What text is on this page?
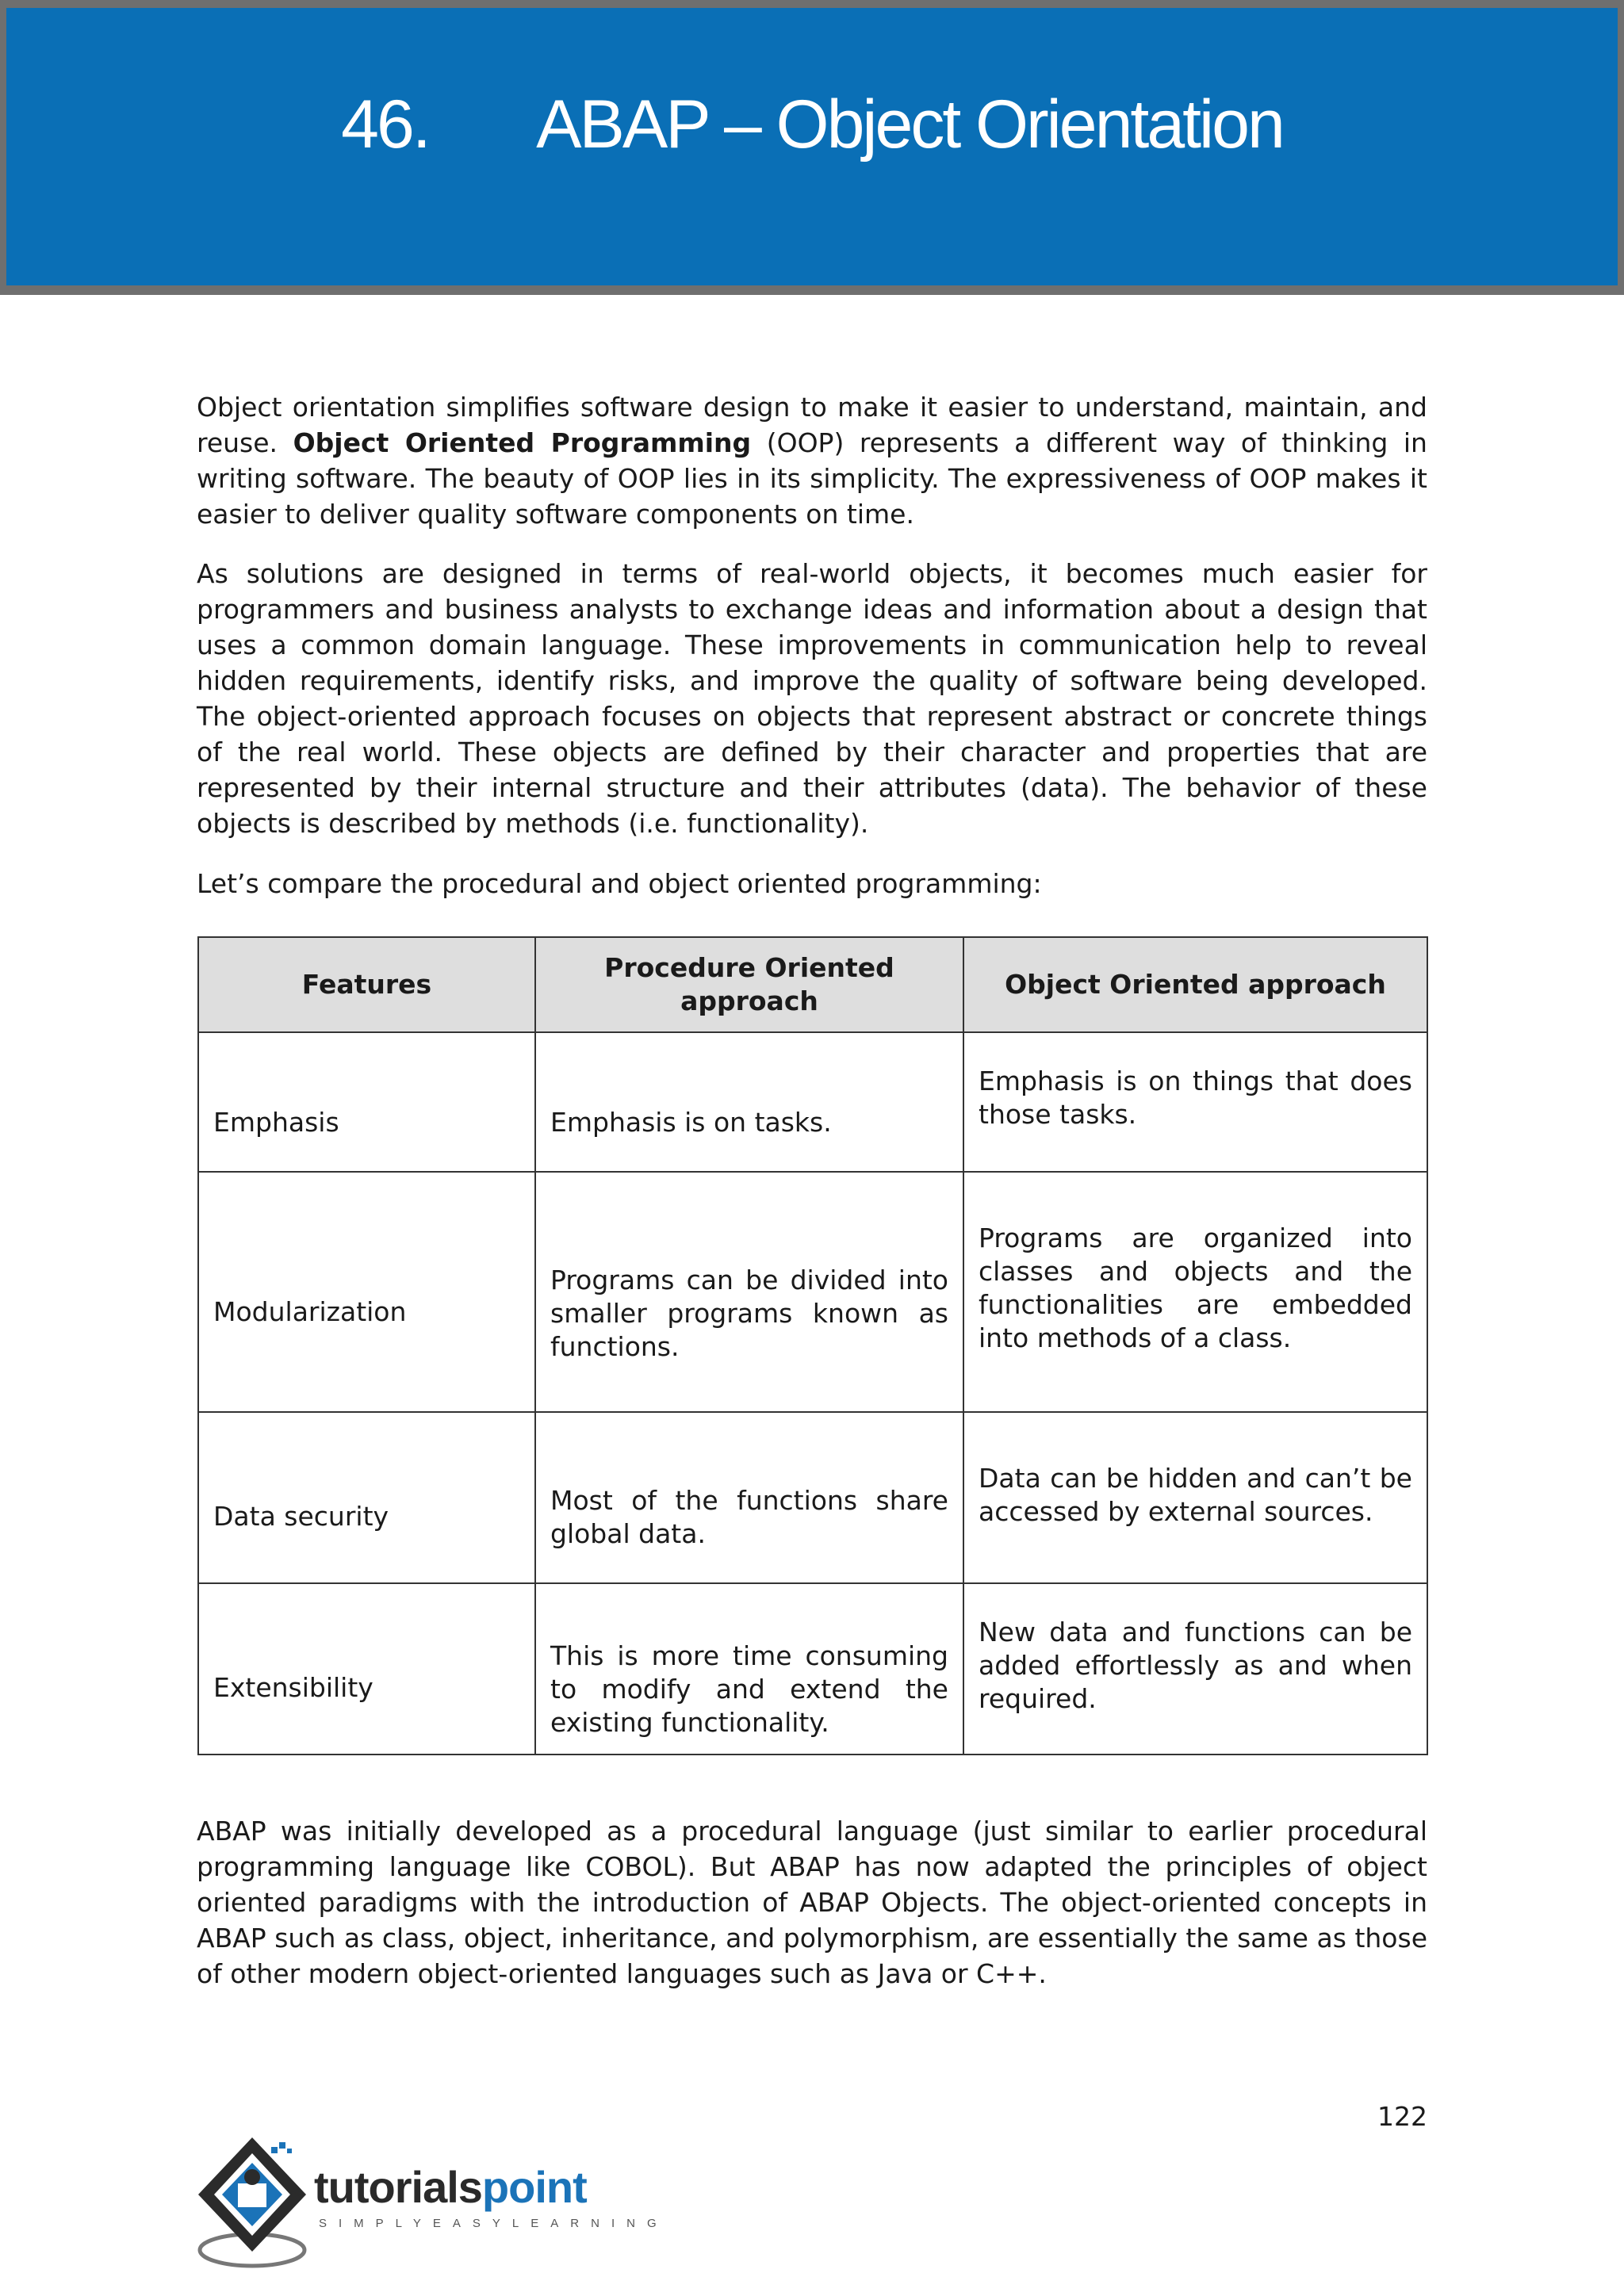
46. ABAP – Object Orientation

Object orientation simplifies software design to make it easier to understand, maintain, and reuse. Object Oriented Programming (OOP) represents a different way of thinking in writing software. The beauty of OOP lies in its simplicity. The expressiveness of OOP makes it easier to deliver quality software components on time.

As solutions are designed in terms of real-world objects, it becomes much easier for programmers and business analysts to exchange ideas and information about a design that uses a common domain language. These improvements in communication help to reveal hidden requirements, identify risks, and improve the quality of software being developed. The object-oriented approach focuses on objects that represent abstract or concrete things of the real world. These objects are defined by their character and properties that are represented by their internal structure and their attributes (data). The behavior of these objects is described by methods (i.e. functionality).

Let’s compare the procedural and object oriented programming:

Features	Procedure Oriented approach	Object Oriented approach
Emphasis	Emphasis is on tasks.	Emphasis is on things that does those tasks.
Modularization	Programs can be divided into smaller programs known as functions.	Programs are organized into classes and objects and the functionalities are embedded into methods of a class.
Data security	Most of the functions share global data.	Data can be hidden and can’t be accessed by external sources.
Extensibility	This is more time consuming to modify and extend the existing functionality.	New data and functions can be added effortlessly as and when required.

ABAP was initially developed as a procedural language (just similar to earlier procedural programming language like COBOL). But ABAP has now adapted the principles of object oriented paradigms with the introduction of ABAP Objects. The object-oriented concepts in ABAP such as class, object, inheritance, and polymorphism, are essentially the same as those of other modern object-oriented languages such as Java or C++.

122
tutorialspoint
SIMPLYEASYLEARNING
